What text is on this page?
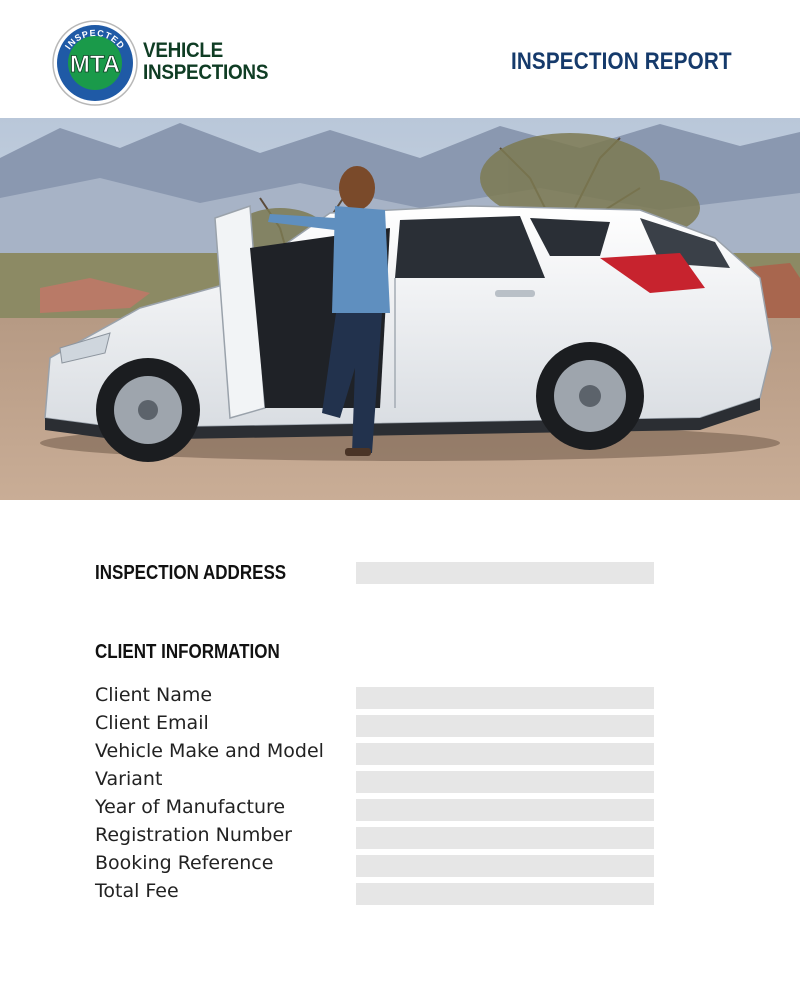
INSPECTED
MTA
VEHICLE
INSPECTIONS	INSPECTION REPORT
INSPECTION ADDRESS
CLIENT INFORMATION
Client Name
Client Email
Vehicle Make and Model
Variant
Year of Manufacture
Registration Number
Booking Reference
Total Fee
